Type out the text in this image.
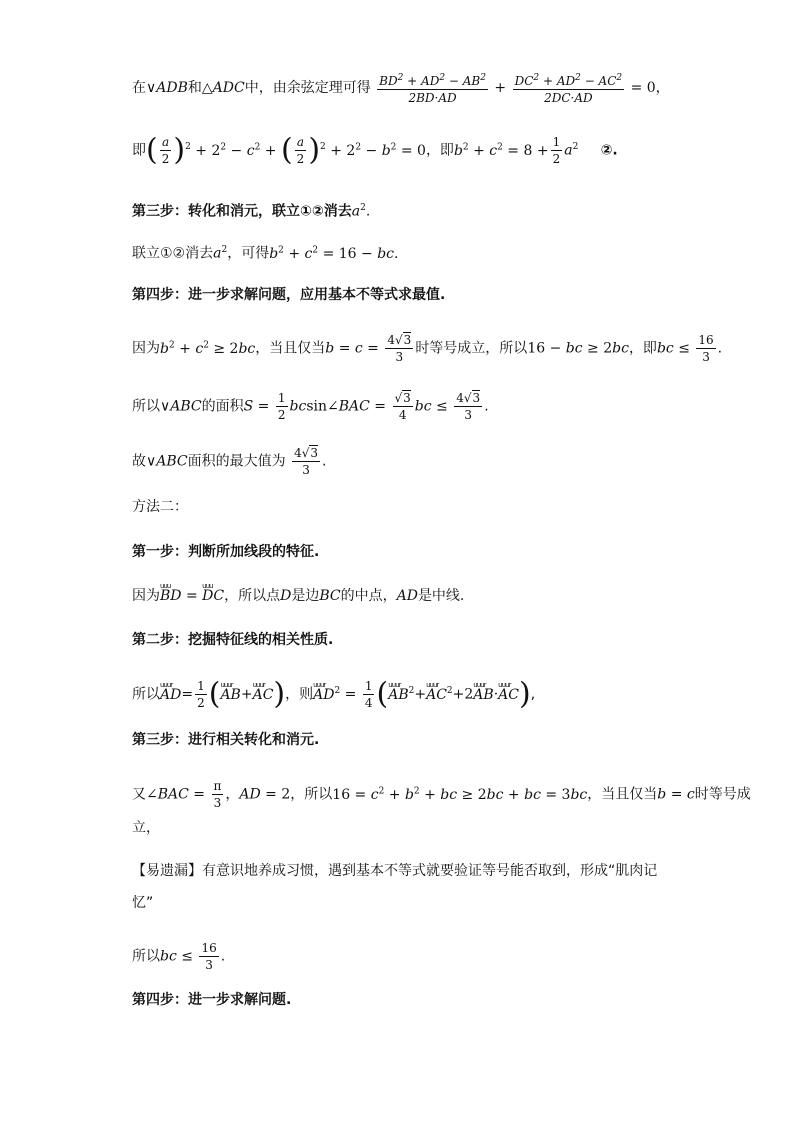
在∨ADB和△ADC中，由余弦定理可得 $\frac{BD^2 + AD^2 - AB^2}{2BD\cdot AD} + \frac{DC^2 + AD^2 - AC^2}{2DC\cdot AD} = 0$，
即( $\frac{a}{2} )^2 + 2^2 - c^2$ + ( $\frac{a}{2} )^2 + 2^2 - b^2 = 0$，即$b^2 + c^2 = 8 + \frac{1}{2} a^2$ ②.
第三步：转化和消元，联立①②消去$a^2$.
联立①②消去$a^2$，可得$b^2 + c^2 = 16$ − bc.
第四步：进一步求解问题，应用基本不等式求最值.
因为$b^2 + c^2 \ge 2bc$，当且仅当$b = c = \frac{4√3}{3}$ 时等号成立，所以16 − bc ≥ 2bc，即bc ≤ $\frac{16}{3}$ .
所以∨ABC的面积$S = \frac{1}{2}$ bcsin∠BAC = $\frac{√3}{4}$ bc ≤ $\frac{4√3}{3}$ .
故∨ABC面积的最大值为 $\frac{4√3}{3}$ .
方法二：
第一步：判断所加线段的特征.
因为uuu BD = uuu DC，所以点D是边BC的中点，AD是中线.
第二步：挖掘特征线的相关性质.
所以uuur $AD= \frac{1}{2}$ (uuur AB+uuur AC)，则uuur $AD^2 = \frac{1}{4}$ (uuur $AB^2+uuur$ $AC^2+2uuur$ AB·uuur AC),
第三步：进行相关转化和消元.
又∠BAC = $\frac{\pi}{3}$ ，AD = 2，所以$16 = c^2 + b^2$ + bc ≥ 2bc + bc = 3bc，当且仅当b = c时等号成
立，
【易遗漏】有意识地养成习惯，遇到基本不等式就要验证等号能否取到，形成“肌肉记
忆”
所以bc ≤ $\frac{16}{3}$ .
第四步：进一步求解问题.
